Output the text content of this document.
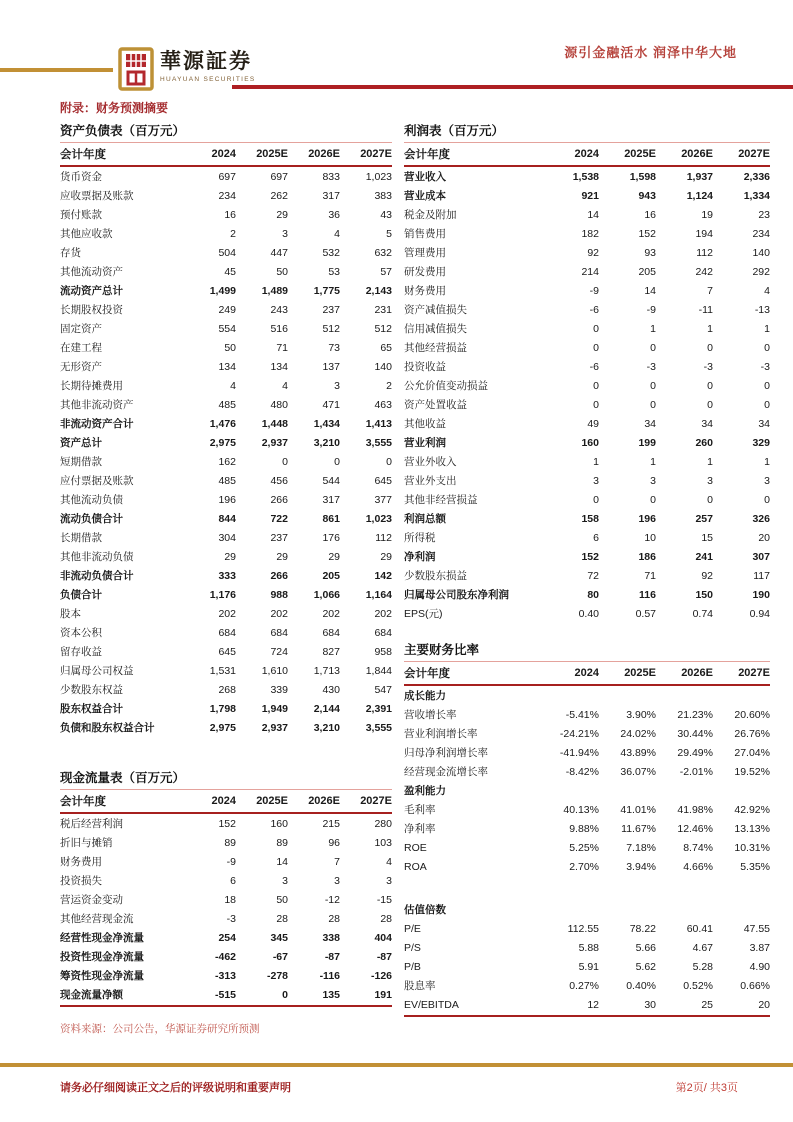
源引金融活水 润泽中华大地
華源証券
HUAYUAN SECURITIES
附录：财务预测摘要
资产负债表（百万元）
会计年度	2024	2025E	2026E	2027E
货币资金	697	697	833	1,023
应收票据及账款	234	262	317	383
预付账款	16	29	36	43
其他应收款	2	3	4	5
存货	504	447	532	632
其他流动资产	45	50	53	57
流动资产总计	1,499	1,489	1,775	2,143
长期股权投资	249	243	237	231
固定资产	554	516	512	512
在建工程	50	71	73	65
无形资产	134	134	137	140
长期待摊费用	4	4	3	2
其他非流动资产	485	480	471	463
非流动资产合计	1,476	1,448	1,434	1,413
资产总计	2,975	2,937	3,210	3,555
短期借款	162	0	0	0
应付票据及账款	485	456	544	645
其他流动负债	196	266	317	377
流动负债合计	844	722	861	1,023
长期借款	304	237	176	112
其他非流动负债	29	29	29	29
非流动负债合计	333	266	205	142
负债合计	1,176	988	1,066	1,164
股本	202	202	202	202
资本公积	684	684	684	684
留存收益	645	724	827	958
归属母公司权益	1,531	1,610	1,713	1,844
少数股东权益	268	339	430	547
股东权益合计	1,798	1,949	2,144	2,391
负债和股东权益合计	2,975	2,937	3,210	3,555
现金流量表（百万元）
会计年度	2024	2025E	2026E	2027E
税后经营利润	152	160	215	280
折旧与摊销	89	89	96	103
财务费用	-9	14	7	4
投资损失	6	3	3	3
营运资金变动	18	50	-12	-15
其他经营现金流	-3	28	28	28
经营性现金净流量	254	345	338	404
投资性现金净流量	-462	-67	-87	-87
筹资性现金净流量	-313	-278	-116	-126
现金流量净额	-515	0	135	191
资料来源：公司公告，华源证券研究所预测
利润表（百万元）
会计年度	2024	2025E	2026E	2027E
营业收入	1,538	1,598	1,937	2,336
营业成本	921	943	1,124	1,334
税金及附加	14	16	19	23
销售费用	182	152	194	234
管理费用	92	93	112	140
研发费用	214	205	242	292
财务费用	-9	14	7	4
资产减值损失	-6	-9	-11	-13
信用减值损失	0	1	1	1
其他经营损益	0	0	0	0
投资收益	-6	-3	-3	-3
公允价值变动损益	0	0	0	0
资产处置收益	0	0	0	0
其他收益	49	34	34	34
营业利润	160	199	260	329
营业外收入	1	1	1	1
营业外支出	3	3	3	3
其他非经营损益	0	0	0	0
利润总额	158	196	257	326
所得税	6	10	15	20
净利润	152	186	241	307
少数股东损益	72	71	92	117
归属母公司股东净利润	80	116	150	190
EPS(元)	0.40	0.57	0.74	0.94
主要财务比率
会计年度	2024	2025E	2026E	2027E
成长能力
营收增长率	-5.41%	3.90%	21.23%	20.60%
营业利润增长率	-24.21%	24.02%	30.44%	26.76%
归母净利润增长率	-41.94%	43.89%	29.49%	27.04%
经营现金流增长率	-8.42%	36.07%	-2.01%	19.52%
盈利能力
毛利率	40.13%	41.01%	41.98%	42.92%
净利率	9.88%	11.67%	12.46%	13.13%
ROE	5.25%	7.18%	8.74%	10.31%
ROA	2.70%	3.94%	4.66%	5.35%
估值倍数
P/E	112.55	78.22	60.41	47.55
P/S	5.88	5.66	4.67	3.87
P/B	5.91	5.62	5.28	4.90
股息率	0.27%	0.40%	0.52%	0.66%
EV/EBITDA	12	30	25	20
请务必仔细阅读正文之后的评级说明和重要声明	第2页/ 共3页
